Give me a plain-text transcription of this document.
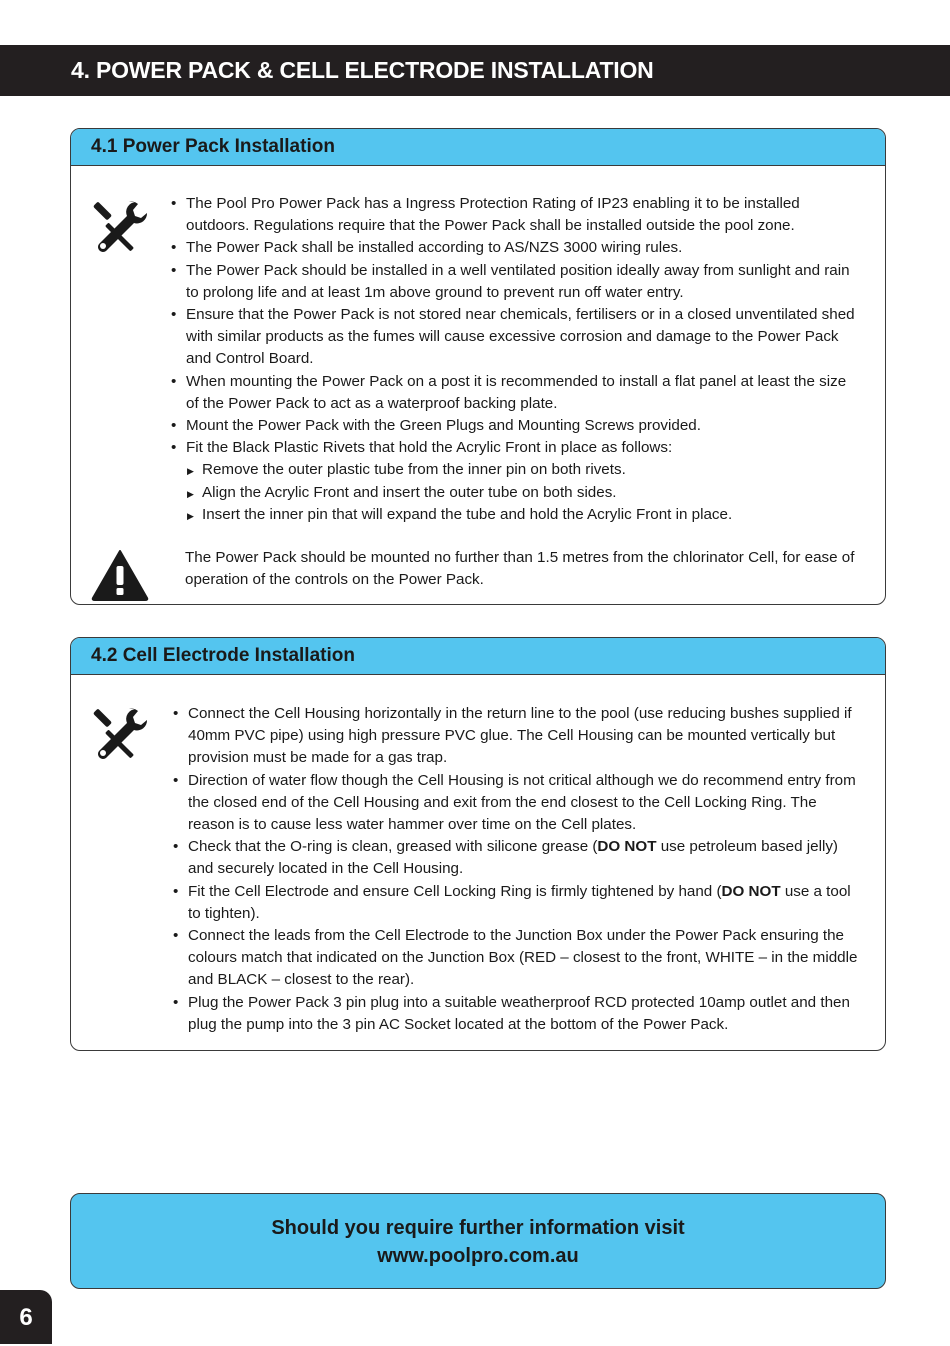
4. POWER PACK & CELL ELECTRODE INSTALLATION
4.1 Power Pack Installation
• The Pool Pro Power Pack has a Ingress Protection Rating of IP23 enabling it to be installed outdoors. Regulations require that the Power Pack shall be installed outside the pool zone.
• The Power Pack shall be installed according to AS/NZS 3000 wiring rules.
• The Power Pack should be installed in a well ventilated position ideally away from sunlight and rain to prolong life and at least 1m above ground to prevent run off water entry.
• Ensure that the Power Pack is not stored near chemicals, fertilisers or in a closed unventilated shed with similar products as the fumes will cause excessive corrosion and damage to the Power Pack and Control Board.
• When mounting the Power Pack on a post it is recommended to install a flat panel at least the size of the Power Pack to act as a waterproof backing plate.
• Mount the Power Pack with the Green Plugs and Mounting Screws provided.
• Fit the Black Plastic Rivets that hold the Acrylic Front in place as follows:
▶ Remove the outer plastic tube from the inner pin on both rivets.
▶ Align the Acrylic Front and insert the outer tube on both sides.
▶ Insert the inner pin that will expand the tube and hold the Acrylic Front in place.
The Power Pack should be mounted no further than 1.5 metres from the chlorinator Cell, for ease of operation of the controls on the Power Pack.
4.2 Cell Electrode Installation
• Connect the Cell Housing horizontally in the return line to the pool (use reducing bushes supplied if 40mm PVC pipe) using high pressure PVC glue. The Cell Housing can be mounted vertically but provision must be made for a gas trap.
• Direction of water flow though the Cell Housing is not critical although we do recommend entry from the closed end of the Cell Housing and exit from the end closest to the Cell Locking Ring. The reason is to cause less water hammer over time on the Cell plates.
• Check that the O-ring is clean, greased with silicone grease (DO NOT use petroleum based jelly) and securely located in the Cell Housing.
• Fit the Cell Electrode and ensure Cell Locking Ring is firmly tightened by hand (DO NOT use a tool to tighten).
• Connect the leads from the Cell Electrode to the Junction Box under the Power Pack ensuring the colours match that indicated on the Junction Box (RED – closest to the front, WHITE – in the middle and BLACK – closest to the rear).
• Plug the Power Pack 3 pin plug into a suitable weatherproof RCD protected 10amp outlet and then plug the pump into the 3 pin AC Socket located at the bottom of the Power Pack.
Should you require further information visit
www.poolpro.com.au
6
